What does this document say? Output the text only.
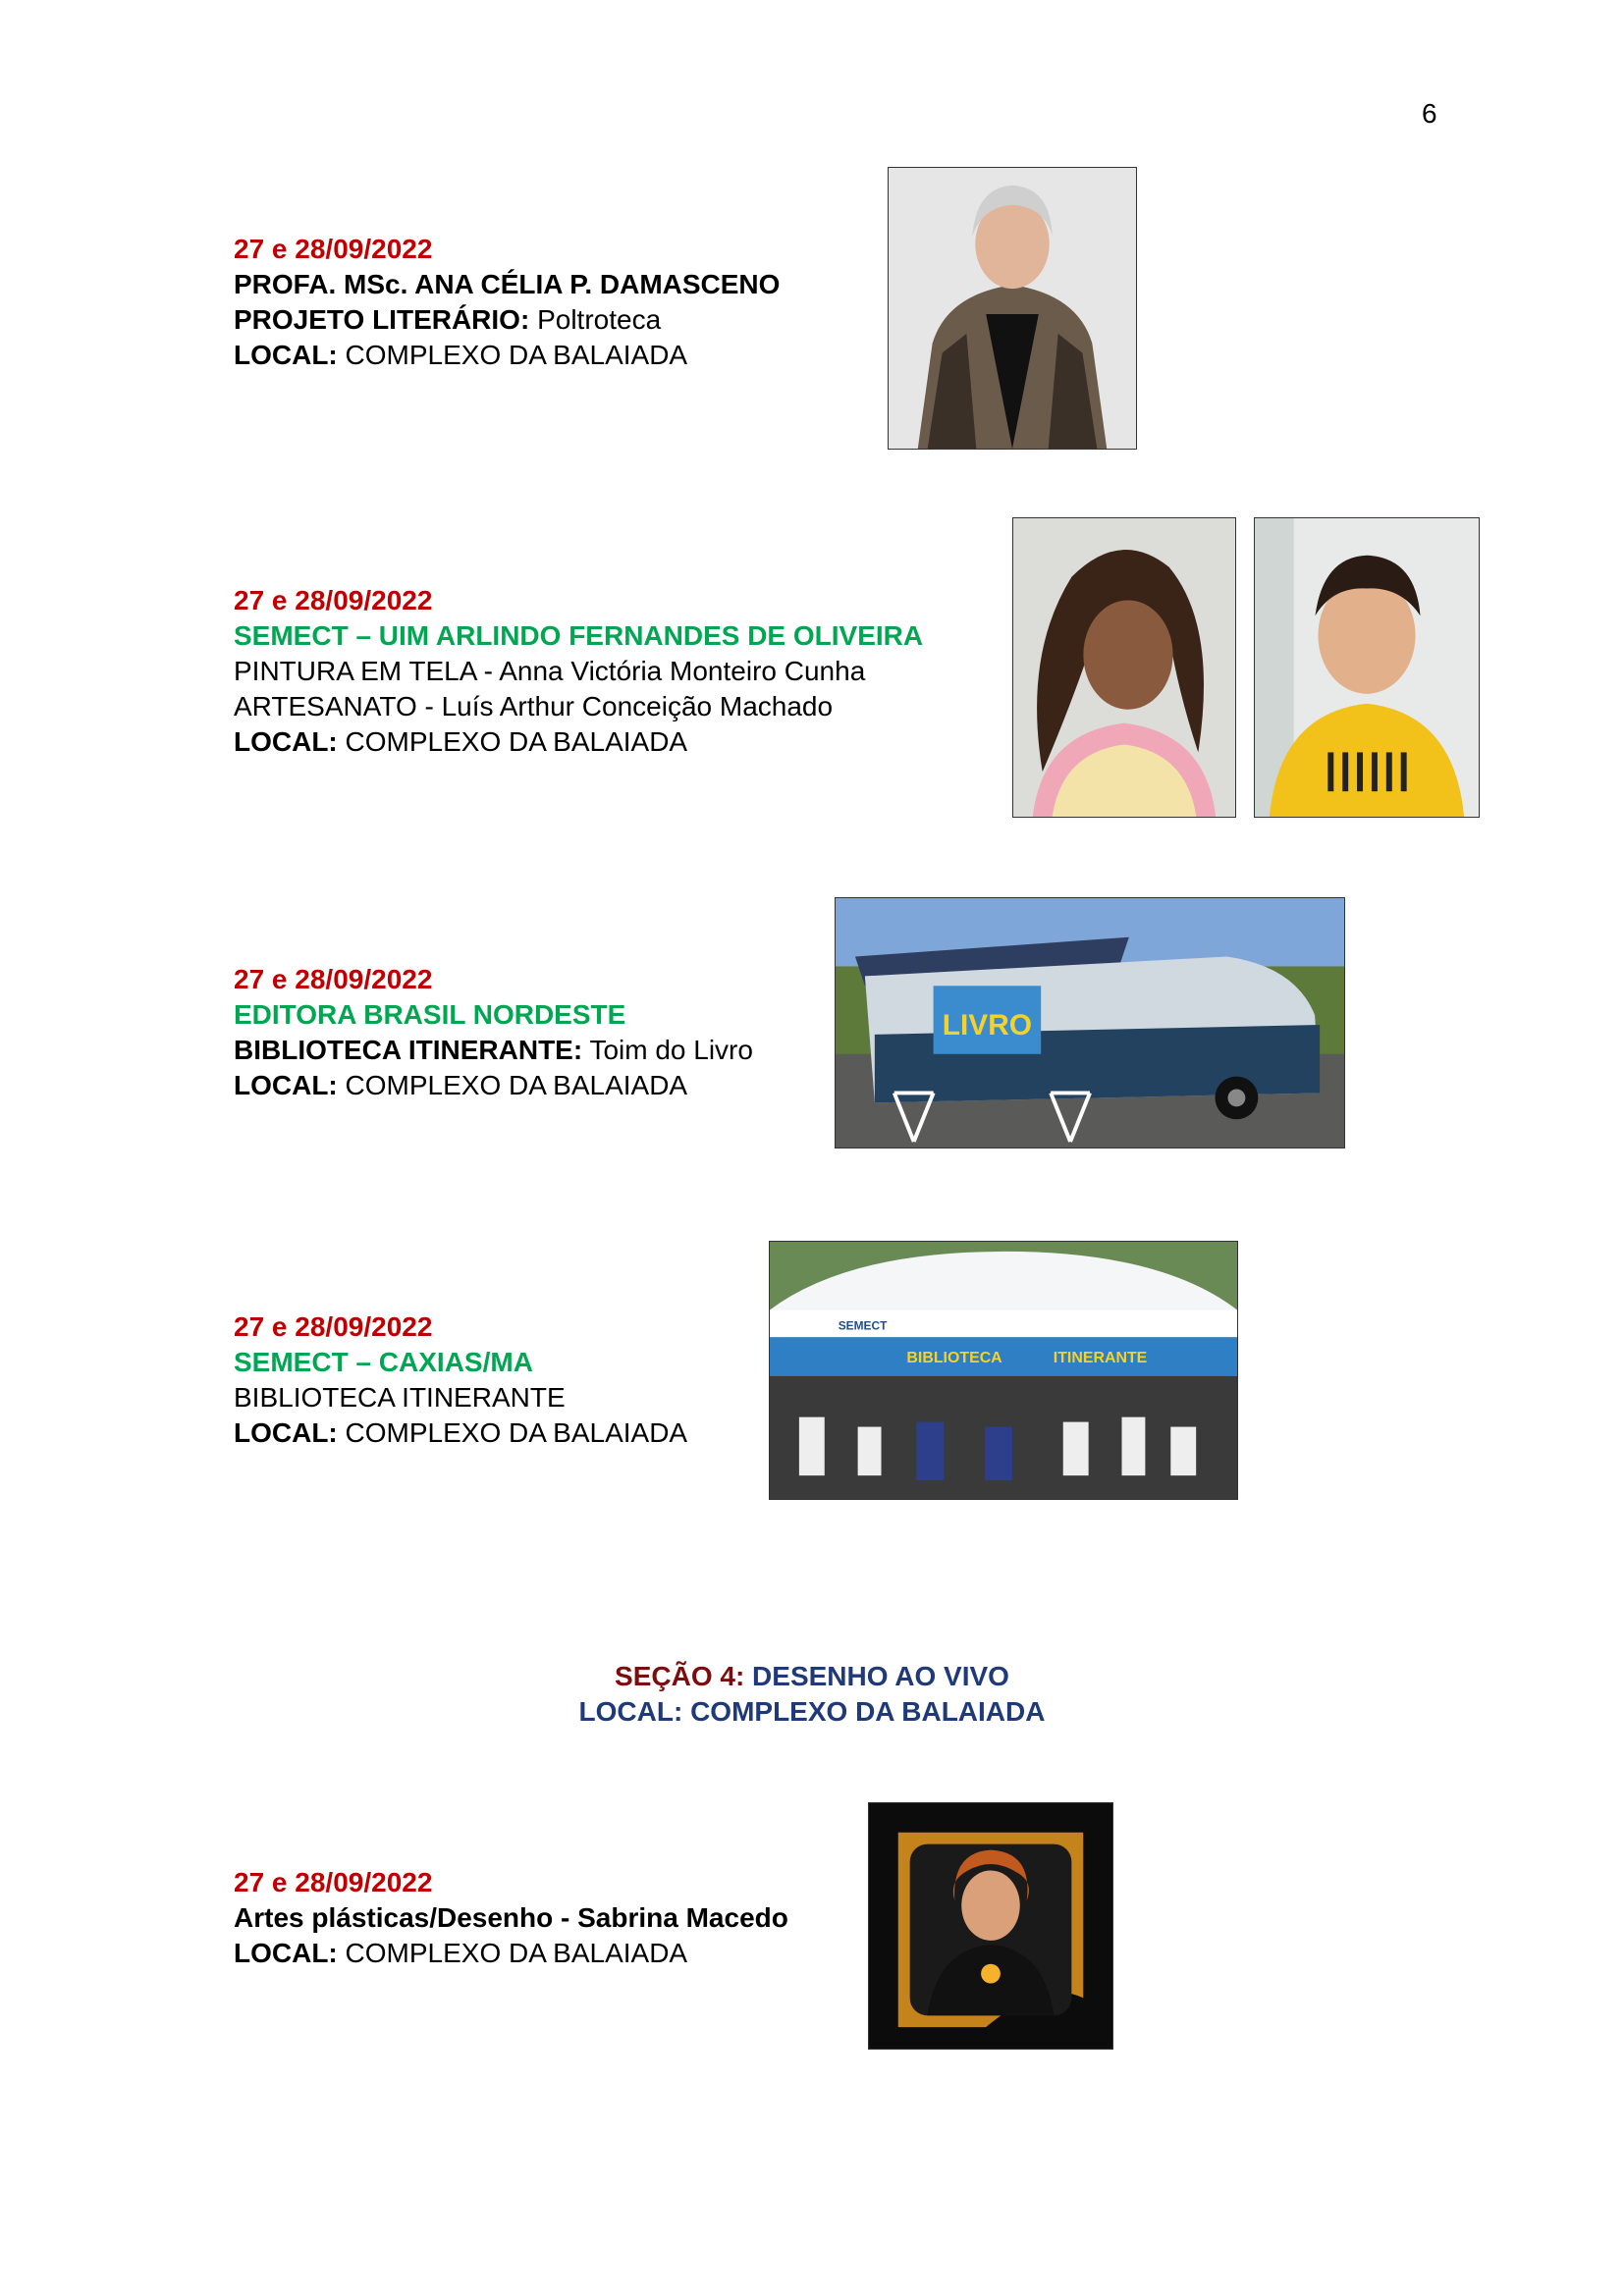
6
27 e 28/09/2022
PROFA. MSc. ANA CÉLIA P. DAMASCENO
PROJETO LITERÁRIO: Poltroteca
LOCAL: COMPLEXO DA BALAIADA
27 e 28/09/2022
SEMECT – UIM ARLINDO FERNANDES DE OLIVEIRA
PINTURA EM TELA - Anna Victória Monteiro Cunha
ARTESANATO - Luís Arthur Conceição Machado
LOCAL: COMPLEXO DA BALAIADA
27 e 28/09/2022
EDITORA BRASIL NORDESTE
BIBLIOTECA ITINERANTE: Toim do Livro
LOCAL: COMPLEXO DA BALAIADA
LIVRO
27 e 28/09/2022
SEMECT – CAXIAS/MA
BIBLIOTECA ITINERANTE
LOCAL: COMPLEXO DA BALAIADA
SEMECT
BIBLIOTECA	ITINERANTE
SEÇÃO 4: DESENHO AO VIVO
LOCAL: COMPLEXO DA BALAIADA
27 e 28/09/2022
Artes plásticas/Desenho - Sabrina Macedo
LOCAL: COMPLEXO DA BALAIADA
